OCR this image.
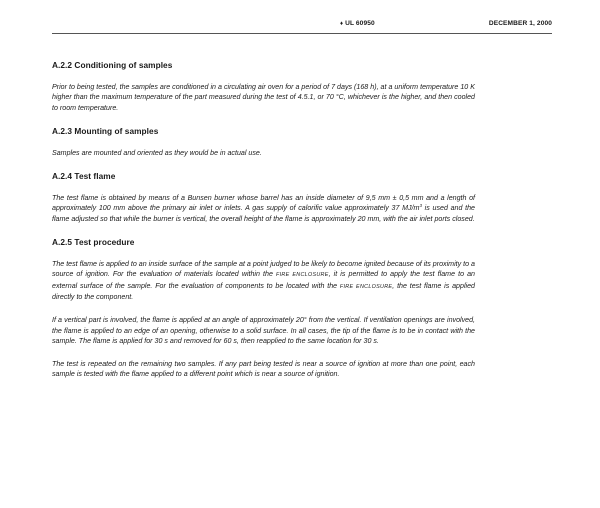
♦ UL 60950	DECEMBER 1, 2000
A.2.2 Conditioning of samples

Prior to being tested, the samples are conditioned in a circulating air oven for a period of 7 days (168 h), at a uniform temperature 10 K higher than the maximum temperature of the part measured during the test of 4.5.1, or 70 °C, whichever is the higher, and then cooled to room temperature.

A.2.3 Mounting of samples

Samples are mounted and oriented as they would be in actual use.

A.2.4 Test flame

The test flame is obtained by means of a Bunsen burner whose barrel has an inside diameter of 9,5 mm ± 0,5 mm and a length of approximately 100 mm above the primary air inlet or inlets. A gas supply of calorific value approximately 37 $MJ/m^3$ is used and the flame adjusted so that while the burner is vertical, the overall height of the flame is approximately 20 mm, with the air inlet ports closed.

A.2.5 Test procedure

The test flame is applied to an inside surface of the sample at a point judged to be likely to become ignited because of its proximity to a source of ignition. For the evaluation of materials located within the FIRE ENCLOSURE, it is permitted to apply the test flame to an external surface of the sample. For the evaluation of components to be located with the FIRE ENCLOSURE, the test flame is applied directly to the component.

If a vertical part is involved, the flame is applied at an angle of approximately 20° from the vertical. If ventilation openings are involved, the flame is applied to an edge of an opening, otherwise to a solid surface. In all cases, the tip of the flame is to be in contact with the sample. The flame is applied for 30 s and removed for 60 s, then reapplied to the same location for 30 s.

The test is repeated on the remaining two samples. If any part being tested is near a source of ignition at more than one point, each sample is tested with the flame applied to a different point which is near a source of ignition.
